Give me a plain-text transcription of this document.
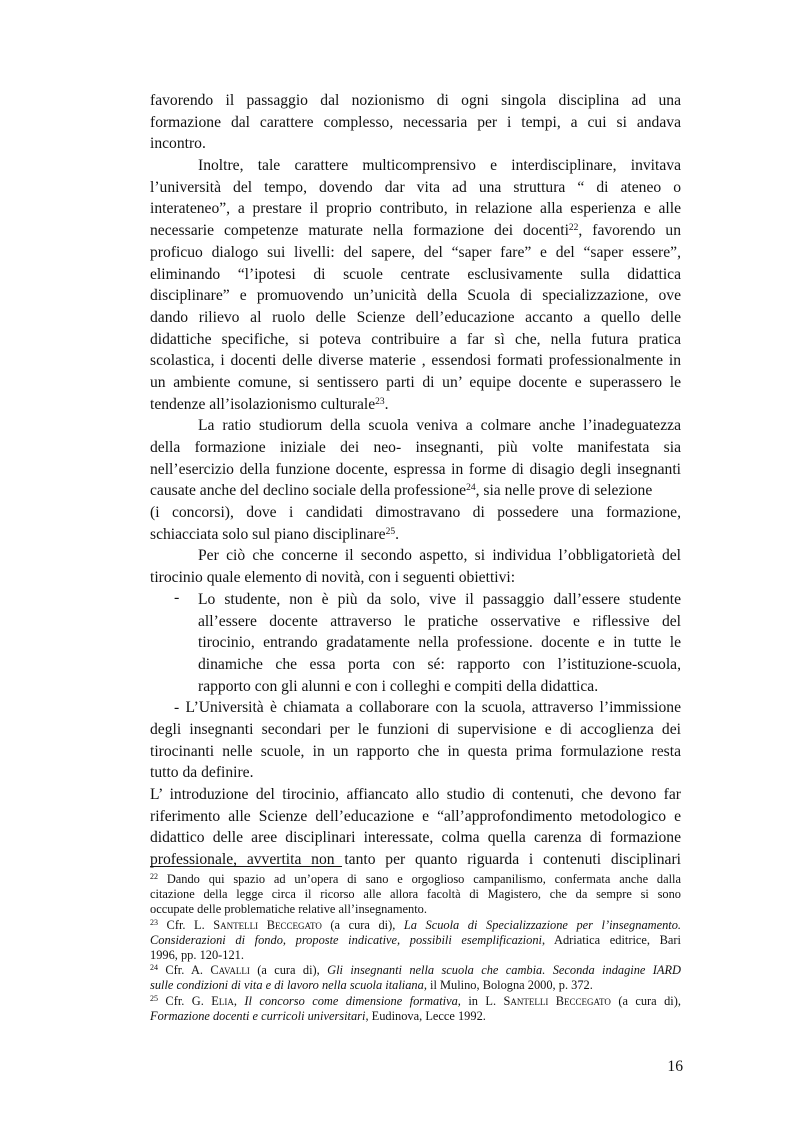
favorendo il passaggio dal nozionismo di ogni singola disciplina ad una
formazione dal carattere complesso, necessaria per i tempi, a cui si andava
incontro.
Inoltre, tale carattere multicomprensivo e interdisciplinare, invitava
l’università del tempo, dovendo dar vita ad una struttura “ di ateneo o
interateneo”, a prestare il proprio contributo, in relazione alla esperienza e alle
necessarie competenze maturate nella formazione dei docenti$^{22}$, favorendo un
proficuo dialogo sui livelli: del sapere, del “saper fare” e del “saper essere”,
eliminando “l’ipotesi di scuole centrate esclusivamente sulla didattica
disciplinare” e promuovendo un’unicità della Scuola di specializzazione, ove
dando rilievo al ruolo delle Scienze dell’educazione accanto a quello delle
didattiche specifiche, si poteva contribuire a far sì che, nella futura pratica
scolastica, i docenti delle diverse materie , essendosi formati professionalmente in
un ambiente comune, si sentissero parti di un’ equipe docente e superassero le
tendenze all’isolazionismo culturale$^{23}$.
La ratio studiorum della scuola veniva a colmare anche l’inadeguatezza
della formazione iniziale dei neo- insegnanti, più volte manifestata sia
nell’esercizio della funzione docente, espressa in forme di disagio degli insegnanti
causate anche del declino sociale della professione$^{24}$, sia nelle prove di selezione
(i concorsi), dove i candidati dimostravano di possedere una formazione,
schiacciata solo sul piano disciplinare$^{25}$.
Per ciò che concerne il secondo aspetto, si individua l’obbligatorietà del
tirocinio quale elemento di novità, con i seguenti obiettivi:
- Lo studente, non è più da solo, vive il passaggio dall’essere studente
all’essere docente attraverso le pratiche osservative e riflessive del
tirocinio, entrando gradatamente nella professione. docente e in tutte le
dinamiche che essa porta con sé: rapporto con l’istituzione-scuola,
rapporto con gli alunni e con i colleghi e compiti della didattica.
- L’Università è chiamata a collaborare con la scuola, attraverso l’immissione
degli insegnanti secondari per le funzioni di supervisione e di accoglienza dei
tirocinanti nelle scuole, in un rapporto che in questa prima formulazione resta
tutto da definire.
L’ introduzione del tirocinio, affiancato allo studio di contenuti, che devono far
riferimento alle Scienze dell’educazione e “all’approfondimento metodologico e
didattico delle aree disciplinari interessate, colma quella carenza di formazione
professionale, avvertita non tanto per quanto riguarda i contenuti disciplinari
$^{22}$ Dando qui spazio ad un’opera di sano e orgoglioso campanilismo, confermata anche dalla
citazione della legge circa il ricorso alle allora facoltà di Magistero, che da sempre si sono
occupate delle problematiche relative all’insegnamento.
$^{23}$ Cfr. L. Santelli Beccegato (a cura di), La Scuola di Specializzazione per l’insegnamento.
Considerazioni di fondo, proposte indicative, possibili esemplificazioni, Adriatica editrice, Bari
1996, pp. 120-121.
$^{24}$ Cfr. A. Cavalli (a cura di), Gli insegnanti nella scuola che cambia. Seconda indagine IARD
sulle condizioni di vita e di lavoro nella scuola italiana, il Mulino, Bologna 2000, p. 372.
$^{25}$ Cfr. G. Elia, Il concorso come dimensione formativa, in L. Santelli Beccegato (a cura di),
Formazione docenti e curricoli universitari, Eudinova, Lecce 1992.
16
